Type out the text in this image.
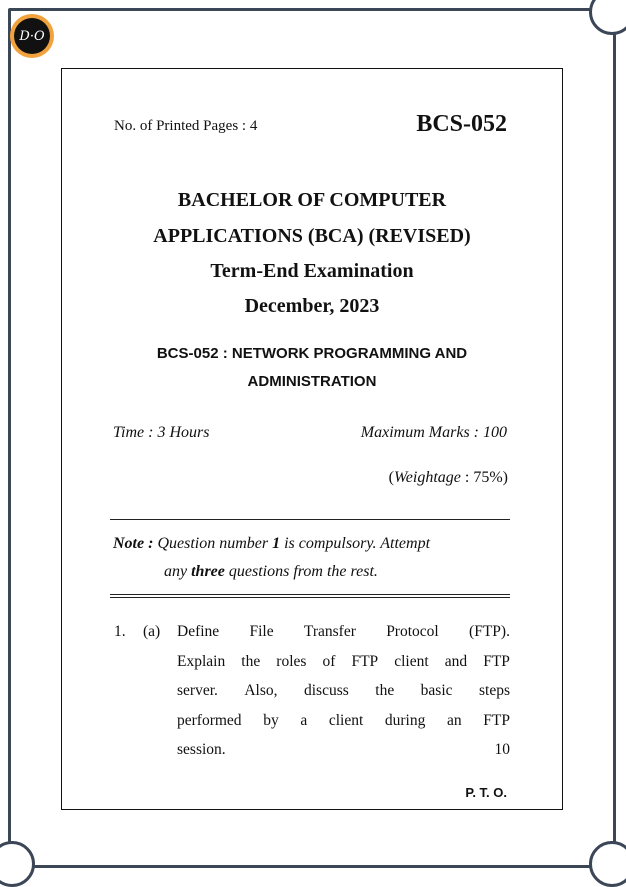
D·O
No. of Printed Pages : 4	BCS-052
BACHELOR OF COMPUTER
APPLICATIONS (BCA) (REVISED)
Term-End Examination
December, 2023
BCS-052 : NETWORK PROGRAMMING AND
ADMINISTRATION
Time : 3 Hours	Maximum Marks : 100
(Weightage : 75%)
Note : Question number 1 is compulsory. Attempt
any three questions from the rest.
1. (a) Define File Transfer Protocol (FTP).
Explain the roles of FTP client and FTP
server. Also, discuss the basic steps
performed by a client during an FTP
session.	10
P. T. O.
